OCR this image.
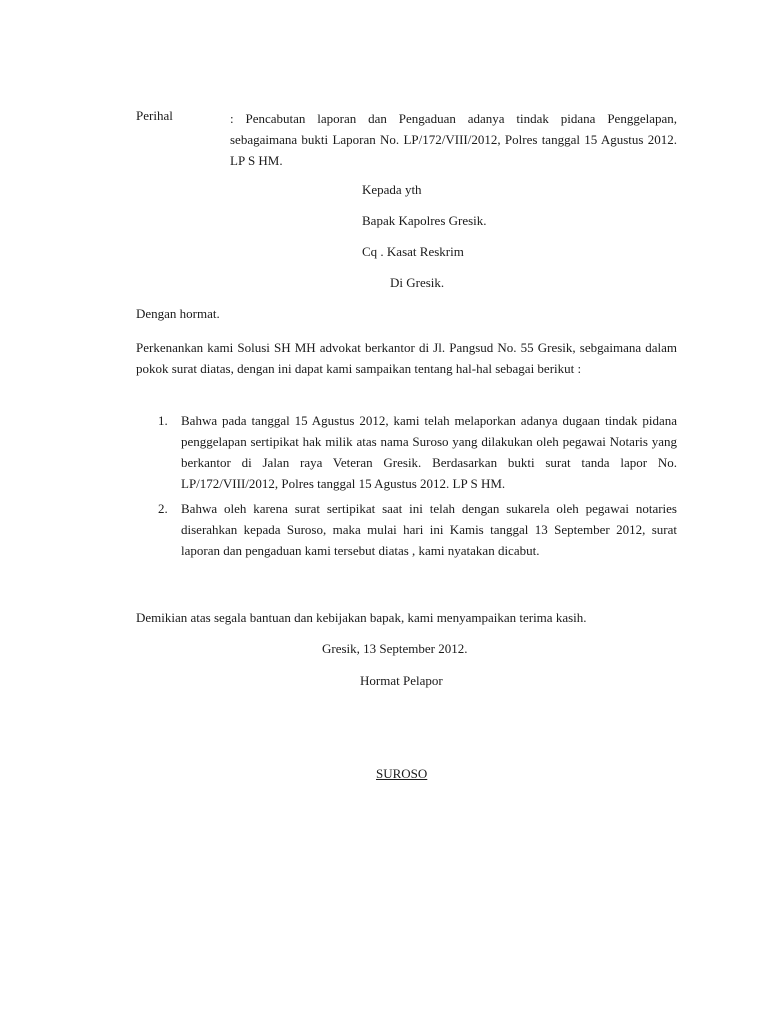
Perihal	: Pencabutan laporan dan Pengaduan adanya tindak pidana Penggelapan, sebagaimana bukti Laporan No. LP/172/VIII/2012, Polres tanggal 15 Agustus 2012. LP S HM.
Kepada yth
Bapak Kapolres Gresik.
Cq . Kasat Reskrim
Di Gresik.
Dengan hormat.
Perkenankan kami Solusi SH MH advokat berkantor di Jl. Pangsud No. 55 Gresik, sebgaimana dalam pokok surat diatas, dengan ini dapat kami sampaikan tentang hal-hal sebagai berikut :
1. Bahwa pada tanggal 15 Agustus 2012, kami telah melaporkan adanya dugaan tindak pidana penggelapan sertipikat hak milik atas nama Suroso yang dilakukan oleh pegawai Notaris yang berkantor di Jalan raya Veteran Gresik. Berdasarkan bukti surat tanda lapor No. LP/172/VIII/2012, Polres tanggal 15 Agustus 2012. LP S HM.
2. Bahwa oleh karena surat sertipikat saat ini telah dengan sukarela oleh pegawai notaries diserahkan kepada Suroso, maka mulai hari ini Kamis tanggal 13 September 2012, surat laporan dan pengaduan kami tersebut diatas , kami nyatakan dicabut.
Demikian atas segala bantuan dan kebijakan bapak, kami menyampaikan terima kasih.
Gresik, 13 September 2012.
Hormat Pelapor
SUROSO
